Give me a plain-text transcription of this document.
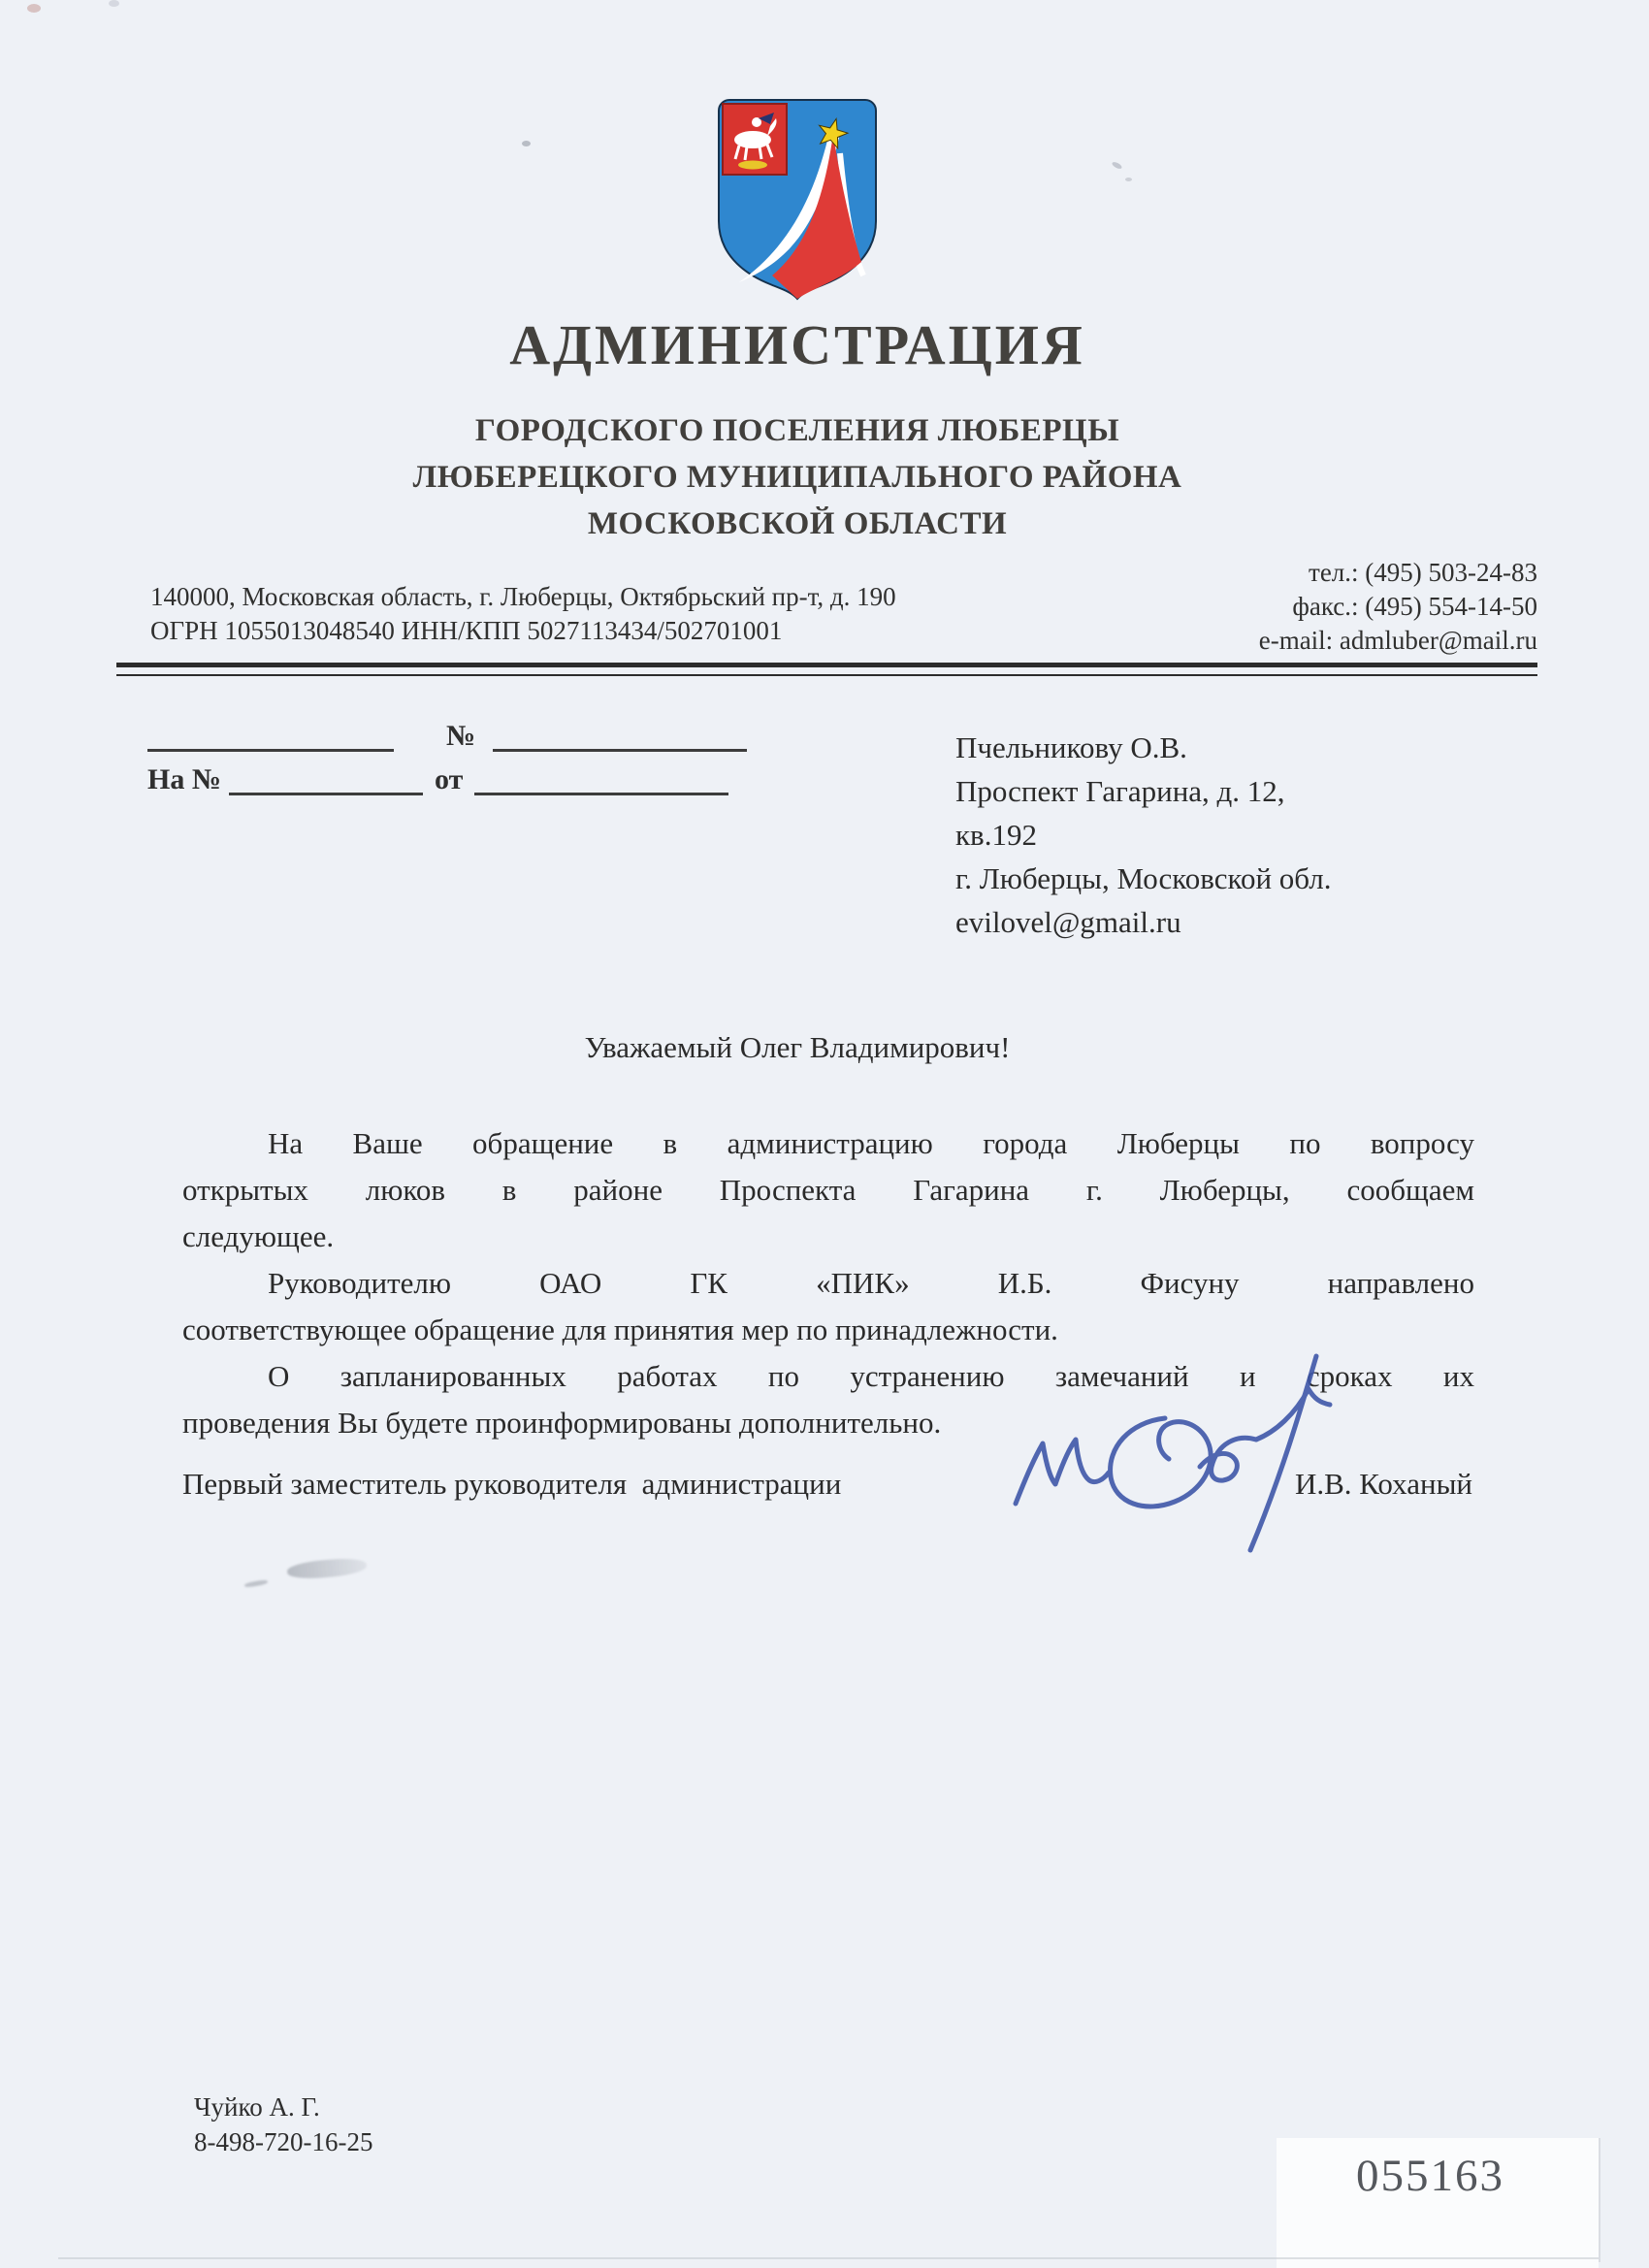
АДМИНИСТРАЦИЯ
ГОРОДСКОГО ПОСЕЛЕНИЯ ЛЮБЕРЦЫ
ЛЮБЕРЕЦКОГО МУНИЦИПАЛЬНОГО РАЙОНА
МОСКОВСКОЙ ОБЛАСТИ
140000, Московская область, г. Люберцы, Октябрьский пр-т, д. 190
ОГРН 1055013048540 ИНН/КПП 5027113434/502701001
тел.: (495) 503-24-83
факс.: (495) 554-14-50
e-mail: admluber@mail.ru
№
На №	от
Пчельникову О.В.
Проспект Гагарина, д. 12,
кв.192
г. Люберцы, Московской обл.
evilovel@gmail.ru
Уважаемый Олег Владимирович!
На Ваше обращение в администрацию города Люберцы по вопросу
открытых люков в районе Проспекта Гагарина г. Люберцы, сообщаем
следующее.
Руководителю ОАО ГК «ПИК» И.Б. Фисуну направлено
соответствующее обращение для принятия мер по принадлежности.
О запланированных работах по устранению замечаний и сроках их
проведения Вы будете проинформированы дополнительно.
Первый заместитель руководителя  администрации	И.В. Коханый
Чуйко А. Г.
8-498-720-16-25
055163
